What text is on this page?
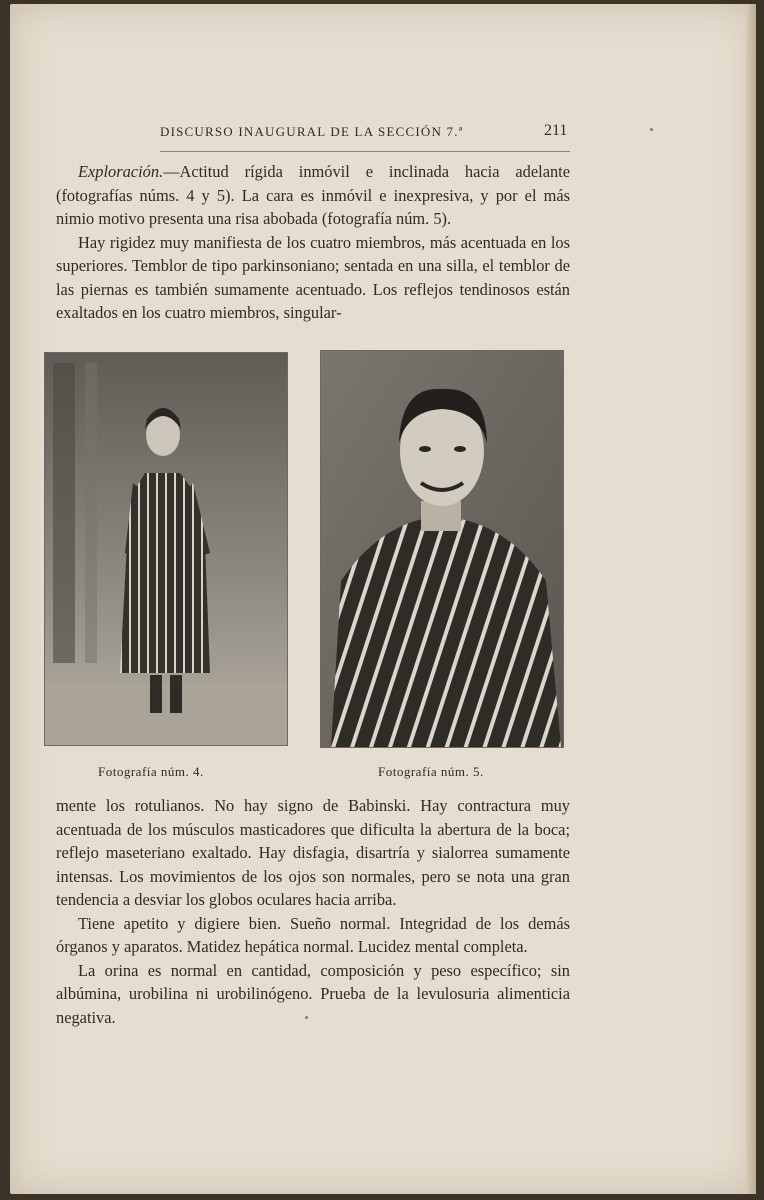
DISCURSO INAUGURAL DE LA SECCIÓN 7.ª	211

Exploración.—Actitud rígida inmóvil e inclinada hacia adelante (fotografías núms. 4 y 5). La cara es inmóvil e inexpresiva, y por el más nimio motivo presenta una risa abobada (fotografía núm. 5).

Hay rigidez muy manifiesta de los cuatro miembros, más acentuada en los superiores. Temblor de tipo parkinsoniano; sentada en una silla, el temblor de las piernas es también sumamente acentuado. Los reflejos tendinosos están exaltados en los cuatro miembros, singular-

Fotografía núm. 4.	Fotografía núm. 5.

mente los rotulianos. No hay signo de Babinski. Hay contractura muy acentuada de los músculos masticadores que dificulta la abertura de la boca; reflejo maseteriano exaltado. Hay disfagia, disartría y sialorrea sumamente intensas. Los movimientos de los ojos son normales, pero se nota una gran tendencia a desviar los globos oculares hacia arriba.

Tiene apetito y digiere bien. Sueño normal. Integridad de los demás órganos y aparatos. Matidez hepática normal. Lucidez mental completa.

La orina es normal en cantidad, composición y peso específico; sin albúmina, urobilina ni urobilinógeno. Prueba de la levulosuria alimenticia negativa.
